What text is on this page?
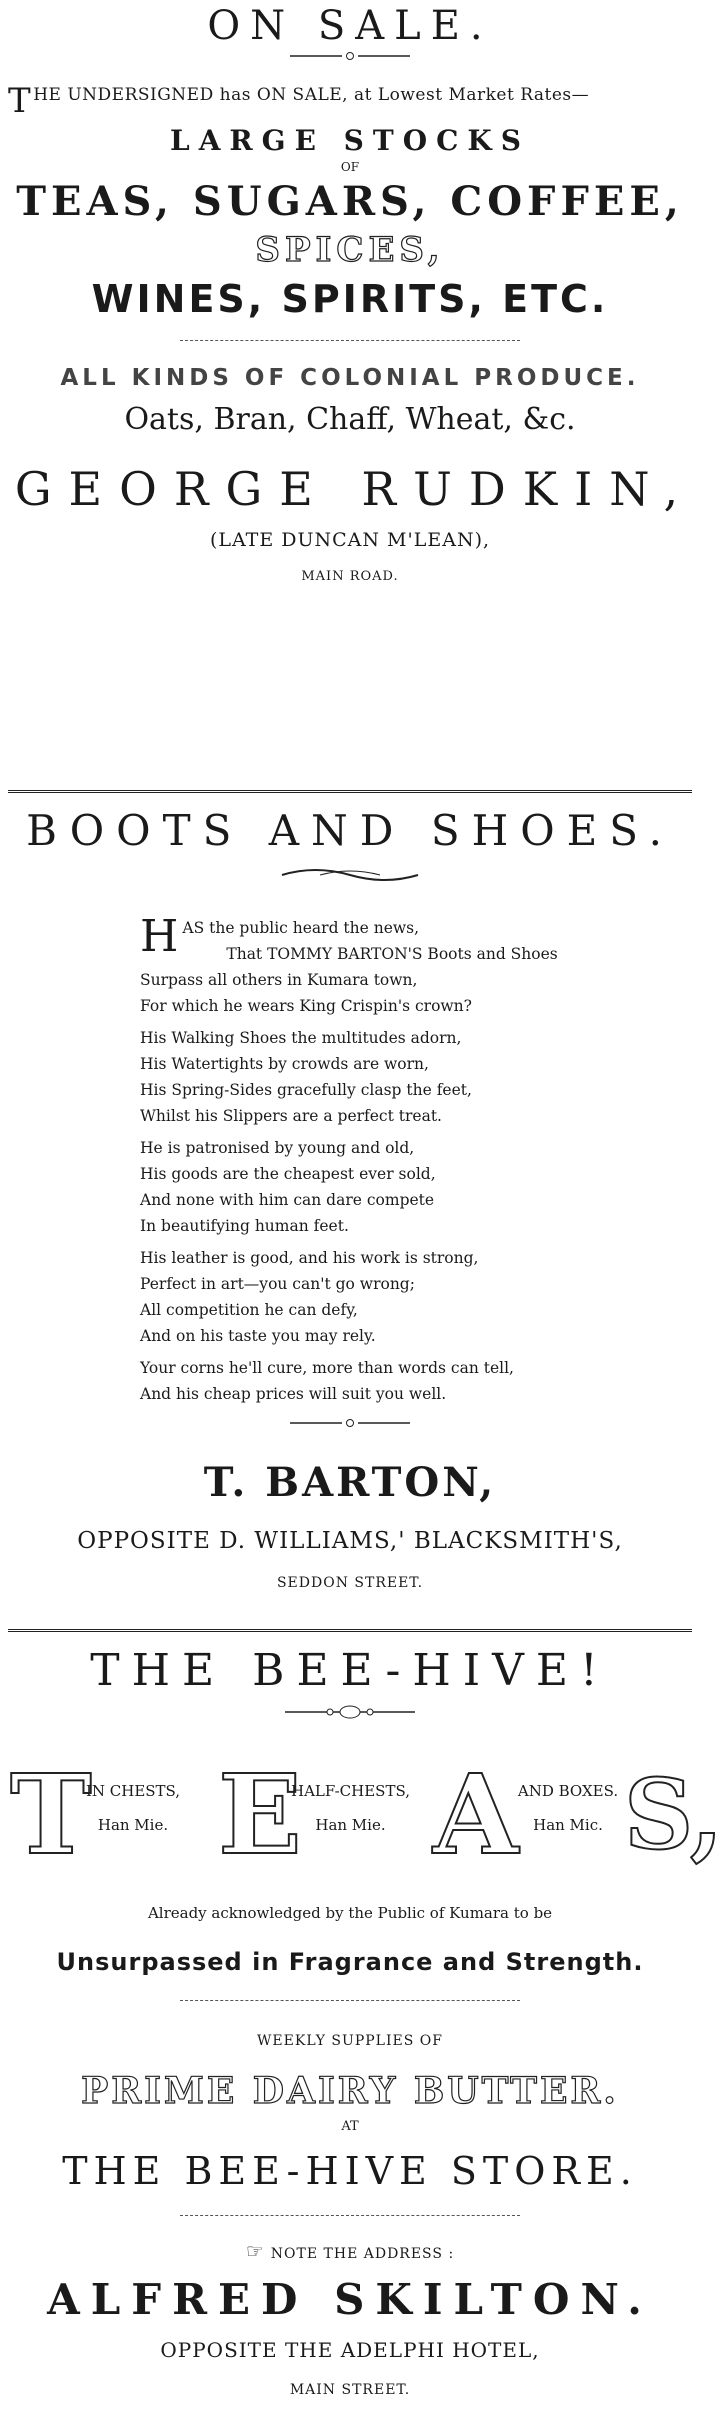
ON SALE.

THE UNDERSIGNED has ON SALE, at Lowest Market Rates—

LARGE STOCKS

OF

TEAS, SUGARS, COFFEE,

SPICES,

WINES, SPIRITS, ETC.

ALL KINDS OF COLONIAL PRODUCE.

Oats, Bran, Chaff, Wheat, &c.

GEORGE RUDKIN,

(LATE DUNCAN M'LEAN),

MAIN ROAD.

BOOTS AND SHOES.

H AS the public heard the news,
That TOMMY BARTON'S Boots and Shoes
Surpass all others in Kumara town,
For which he wears King Crispin's crown?

His Walking Shoes the multitudes adorn,
His Watertights by crowds are worn,
His Spring-Sides gracefully clasp the feet,
Whilst his Slippers are a perfect treat.

He is patronised by young and old,
His goods are the cheapest ever sold,
And none with him can dare compete
In beautifying human feet.

His leather is good, and his work is strong,
Perfect in art—you can't go wrong;
All competition he can defy,
And on his taste you may rely.

Your corns he'll cure, more than words can tell,
And his cheap prices will suit you well.

T. BARTON,

OPPOSITE D. WILLIAMS,' BLACKSMITH'S,

SEDDON STREET.

THE BEE-HIVE!

T
IN CHESTS,
Han Mie. E
HALF-CHESTS,
Han Mie. A AND BOXES.
Han Mic. S,

Already acknowledged by the Public of Kumara to be

Unsurpassed in Fragrance and Strength.

WEEKLY SUPPLIES OF

PRIME DAIRY BUTTER.

AT

THE BEE-HIVE STORE.

☞ NOTE THE ADDRESS :

ALFRED SKILTON.

OPPOSITE THE ADELPHI HOTEL,

MAIN STREET.
